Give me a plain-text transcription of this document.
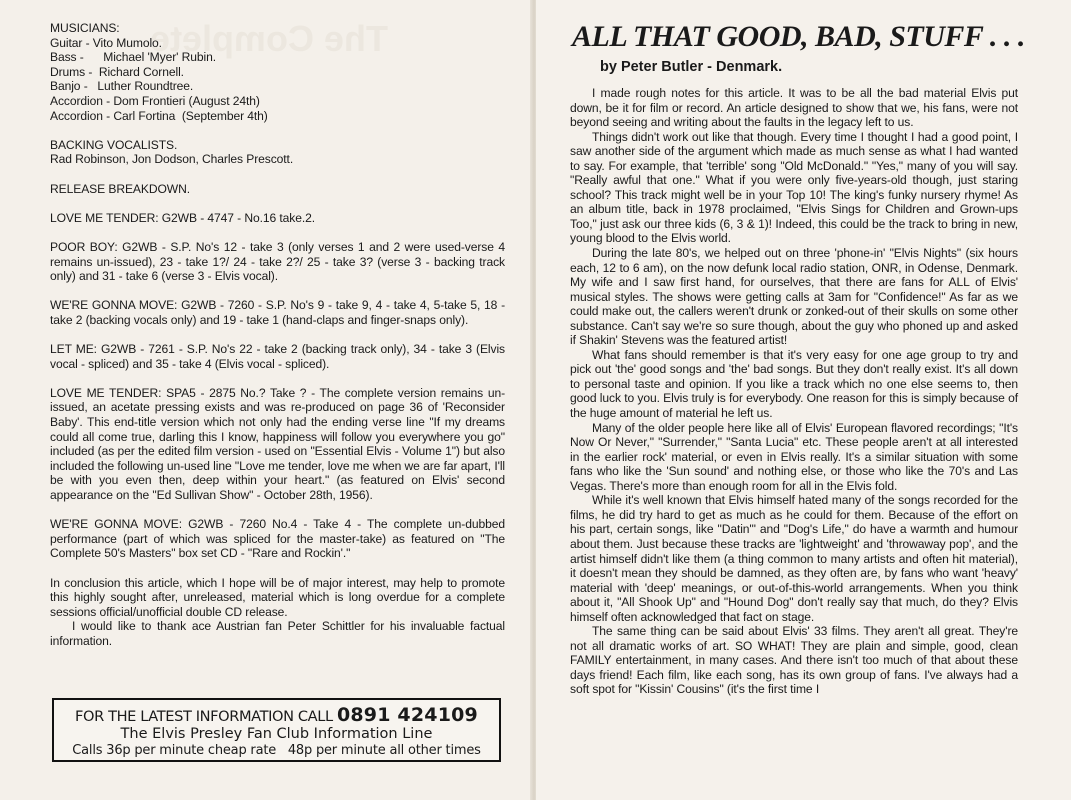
The Complete

MUSICIANS:

Guitar - Vito Mumolo.

Bass -      Michael 'Myer' Rubin.

Drums -  Richard Cornell.

Banjo -   Luther Roundtree.

Accordion - Dom Frontieri (August 24th)

Accordion - Carl Fortina  (September 4th)

BACKING VOCALISTS.

Rad Robinson, Jon Dodson, Charles Prescott.

RELEASE BREAKDOWN.

LOVE ME TENDER: G2WB - 4747 - No.16 take.2.

POOR BOY: G2WB - S.P. No's 12 - take 3 (only verses 1 and 2 were used-verse 4 remains un-issued), 23 - take 1?/ 24 - take 2?/ 25 - take 3? (verse 3 - backing track only) and 31 - take 6 (verse 3 - Elvis vocal).

WE'RE GONNA MOVE: G2WB - 7260 - S.P. No's 9 - take 9, 4 - take 4, 5-take 5, 18 - take 2 (backing vocals only) and 19 - take 1 (hand-claps and finger-snaps only).

LET ME: G2WB - 7261 - S.P. No's 22 - take 2 (backing track only), 34 - take 3 (Elvis vocal - spliced) and 35 - take 4 (Elvis vocal - spliced).

LOVE ME TENDER: SPA5 - 2875 No.? Take ? - The complete version remains un-issued, an acetate pressing exists and was re-produced on page 36 of 'Reconsider Baby'. This end-title version which not only had the ending verse line "If my dreams could all come true, darling this I know, happiness will follow you everywhere you go" included (as per the edited film version - used on "Essential Elvis - Volume 1") but also included the following un-used line "Love me tender, love me when we are far apart, I'll be with you even then, deep within your heart." (as featured on Elvis' second appearance on the "Ed Sullivan Show" - October 28th, 1956).

WE'RE GONNA MOVE: G2WB - 7260 No.4 - Take 4 - The complete un-dubbed performance (part of which was spliced for the master-take) as featured on "The Complete 50's Masters" box set CD - "Rare and Rockin'."

In conclusion this article, which I hope will be of major interest, may help to promote this highly sought after, unreleased, material which is long overdue for a complete sessions official/unofficial double CD release.

I would like to thank ace Austrian fan Peter Schittler for his invaluable factual information.

FOR THE LATEST INFORMATION CALL 0891 424109
The Elvis Presley Fan Club Information Line
Calls 36p per minute cheap rate   48p per minute all other times
ALL THAT GOOD, BAD, STUFF . . .
by Peter Butler - Denmark.

I made rough notes for this article. It was to be all the bad material Elvis put down, be it for film or record. An article designed to show that we, his fans, were not beyond seeing and writing about the faults in the legacy left to us.

Things didn't work out like that though. Every time I thought I had a good point, I saw another side of the argument which made as much sense as what I had wanted to say. For example, that 'terrible' song "Old McDonald." "Yes," many of you will say. "Really awful that one." What if you were only five-years-old though, just staring school? This track might well be in your Top 10! The king's funky nursery rhyme! As an album title, back in 1978 proclaimed, "Elvis Sings for Children and Grown-ups Too," just ask our three kids (6, 3 & 1)! Indeed, this could be the track to bring in new, young blood to the Elvis world.

During the late 80's, we helped out on three 'phone-in' "Elvis Nights" (six hours each, 12 to 6 am), on the now defunk local radio station, ONR, in Odense, Denmark. My wife and I saw first hand, for ourselves, that there are fans for ALL of Elvis' musical styles. The shows were getting calls at 3am for "Confidence!" As far as we could make out, the callers weren't drunk or zonked-out of their skulls on some other substance. Can't say we're so sure though, about the guy who phoned up and asked if Shakin' Stevens was the featured artist!

What fans should remember is that it's very easy for one age group to try and pick out 'the' good songs and 'the' bad songs. But they don't really exist. It's all down to personal taste and opinion. If you like a track which no one else seems to, then good luck to you. Elvis truly is for everybody. One reason for this is simply because of the huge amount of material he left us.

Many of the older people here like all of Elvis' European flavored recordings; "It's Now Or Never," "Surrender," "Santa Lucia" etc. These people aren't at all interested in the earlier rock' material, or even in Elvis really. It's a similar situation with some fans who like the 'Sun sound' and nothing else, or those who like the 70's and Las Vegas. There's more than enough room for all in the Elvis fold.

While it's well known that Elvis himself hated many of the songs recorded for the films, he did try hard to get as much as he could for them. Because of the effort on his part, certain songs, like "Datin'" and "Dog's Life," do have a warmth and humour about them. Just because these tracks are 'lightweight' and 'throwaway pop', and the artist himself didn't like them (a thing common to many artists and often hit material), it doesn't mean they should be damned, as they often are, by fans who want 'heavy' material with 'deep' meanings, or out-of-this-world arrangements. When you think about it, "All Shook Up" and "Hound Dog" don't really say that much, do they? Elvis himself often acknowledged that fact on stage.

The same thing can be said about Elvis' 33 films. They aren't all great. They're not all dramatic works of art. SO WHAT! They are plain and simple, good, clean FAMILY entertainment, in many cases. And there isn't too much of that about these days friend! Each film, like each song, has its own group of fans. I've always had a soft spot for "Kissin' Cousins" (it's the first time I
